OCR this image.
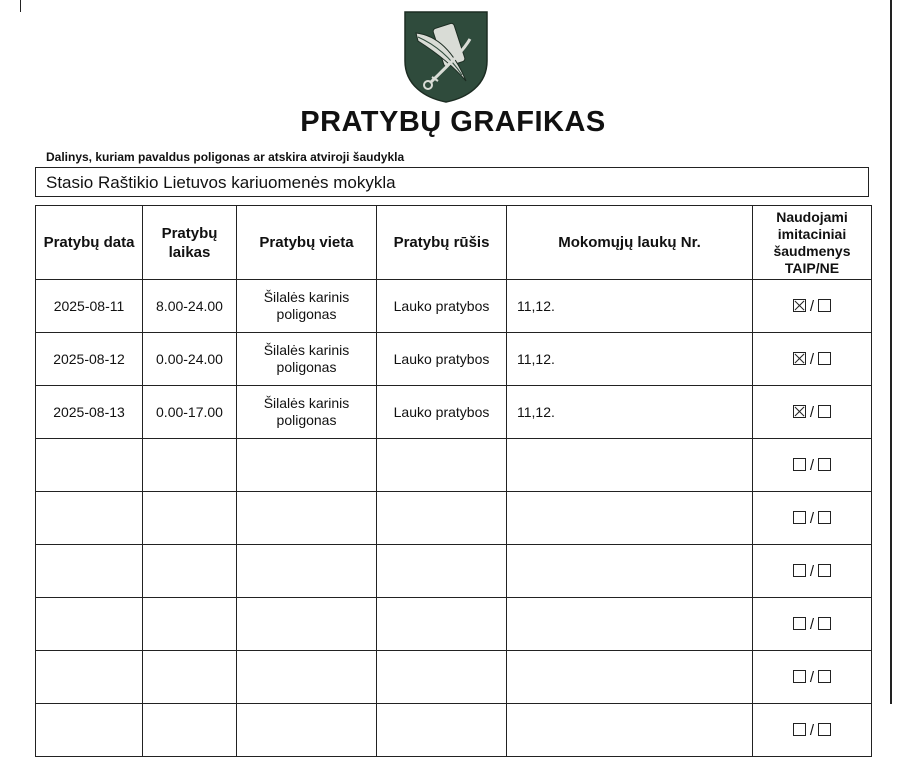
PRATYBŲ GRAFIKAS
Dalinys, kuriam pavaldus poligonas ar atskira atviroji šaudykla
Stasio Raštikio Lietuvos kariuomenės mokykla
Pratybų data	Pratybų laikas	Pratybų vieta	Pratybų rūšis	Mokomųjų laukų Nr.	Naudojami imitaciniai šaudmenys TAIP/NE
2025-08-11	8.00-24.00	Šilalės karinis poligonas	Lauko pratybos	11,12.	/
2025-08-12	0.00-24.00	Šilalės karinis poligonas	Lauko pratybos	11,12.	/
2025-08-13	0.00-17.00	Šilalės karinis poligonas	Lauko pratybos	11,12.	/
					/
					/
					/
					/
					/
					/
